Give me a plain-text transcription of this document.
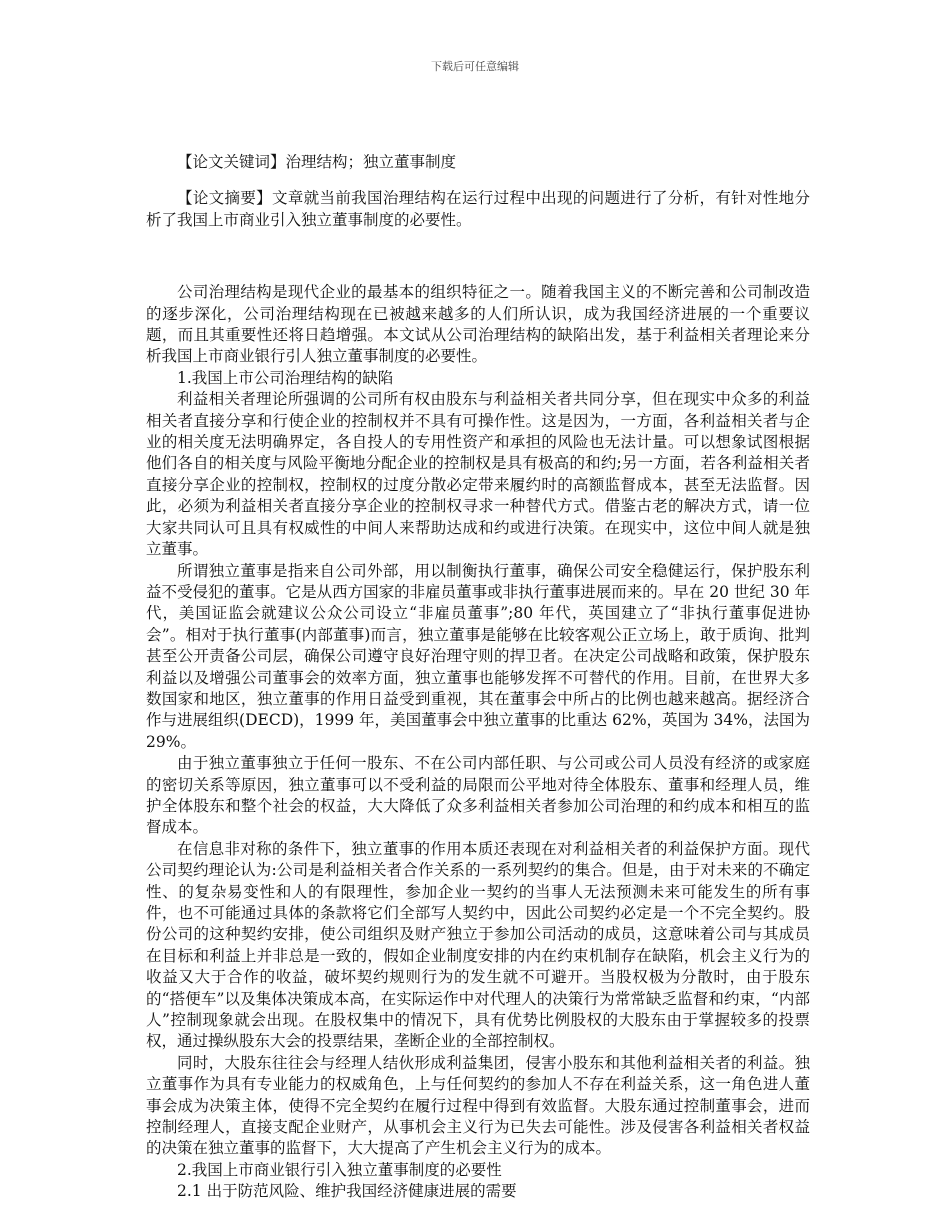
下载后可任意编辑

【论文关键词】治理结构；独立董事制度

【论文摘要】文章就当前我国治理结构在运行过程中出现的问题进行了分析，有针对性地分析了我国上市商业引入独立董事制度的必要性。

公司治理结构是现代企业的最基本的组织特征之一。随着我国主义的不断完善和公司制改造的逐步深化，公司治理结构现在已被越来越多的人们所认识，成为我国经济进展的一个重要议题，而且其重要性还将日趋增强。本文试从公司治理结构的缺陷出发，基于利益相关者理论来分析我国上市商业银行引人独立董事制度的必要性。

1.我国上市公司治理结构的缺陷

利益相关者理论所强调的公司所有权由股东与利益相关者共同分享，但在现实中众多的利益相关者直接分享和行使企业的控制权并不具有可操作性。这是因为，一方面，各利益相关者与企业的相关度无法明确界定，各自投人的专用性资产和承担的风险也无法计量。可以想象试图根据他们各自的相关度与风险平衡地分配企业的控制权是具有极高的和约;另一方面，若各利益相关者直接分享企业的控制权，控制权的过度分散必定带来履约时的高额监督成本，甚至无法监督。因此，必须为利益相关者直接分享企业的控制权寻求一种替代方式。借鉴古老的解决方式，请一位大家共同认可且具有权威性的中间人来帮助达成和约或进行决策。在现实中，这位中间人就是独立董事。

所谓独立董事是指来自公司外部，用以制衡执行董事，确保公司安全稳健运行，保护股东利益不受侵犯的董事。它是从西方国家的非雇员董事或非执行董事进展而来的。早在 20 世纪 30 年代，美国证监会就建议公众公司设立“非雇员董事”;80 年代，英国建立了“非执行董事促进协会”。相对于执行董事(内部董事)而言，独立董事是能够在比较客观公正立场上，敢于质询、批判甚至公开责备公司层，确保公司遵守良好治理守则的捍卫者。在决定公司战略和政策，保护股东利益以及增强公司董事会的效率方面，独立董事也能够发挥不可替代的作用。目前，在世界大多数国家和地区，独立董事的作用日益受到重视，其在董事会中所占的比例也越来越高。据经济合作与进展组织(DECD)，1999 年，美国董事会中独立董事的比重达 62%，英国为 34%，法国为 29%。

由于独立董事独立于任何一股东、不在公司内部任职、与公司或公司人员没有经济的或家庭的密切关系等原因，独立董事可以不受利益的局限而公平地对待全体股东、董事和经理人员，维护全体股东和整个社会的权益，大大降低了众多利益相关者参加公司治理的和约成本和相互的监督成本。

在信息非对称的条件下，独立董事的作用本质还表现在对利益相关者的利益保护方面。现代公司契约理论认为:公司是利益相关者合作关系的一系列契约的集合。但是，由于对未来的不确定性、的复杂易变性和人的有限理性，参加企业一契约的当事人无法预测未来可能发生的所有事件，也不可能通过具体的条款将它们全部写人契约中，因此公司契约必定是一个不完全契约。股份公司的这种契约安排，使公司组织及财产独立于参加公司活动的成员，这意味着公司与其成员在目标和利益上并非总是一致的，假如企业制度安排的内在约束机制存在缺陷，机会主义行为的收益又大于合作的收益，破坏契约规则行为的发生就不可避开。当股权极为分散时，由于股东的“搭便车”以及集体决策成本高，在实际运作中对代理人的决策行为常常缺乏监督和约束，“内部人”控制现象就会出现。在股权集中的情况下，具有优势比例股权的大股东由于掌握较多的投票权，通过操纵股东大会的投票结果，垄断企业的全部控制权。

同时，大股东往往会与经理人结伙形成利益集团，侵害小股东和其他利益相关者的利益。独立董事作为具有专业能力的权威角色，上与任何契约的参加人不存在利益关系，这一角色进人董事会成为决策主体，使得不完全契约在履行过程中得到有效监督。大股东通过控制董事会，进而控制经理人，直接支配企业财产，从事机会主义行为已失去可能性。涉及侵害各利益相关者权益的决策在独立董事的监督下，大大提高了产生机会主义行为的成本。

2.我国上市商业银行引入独立董事制度的必要性

2.1 出于防范风险、维护我国经济健康进展的需要
